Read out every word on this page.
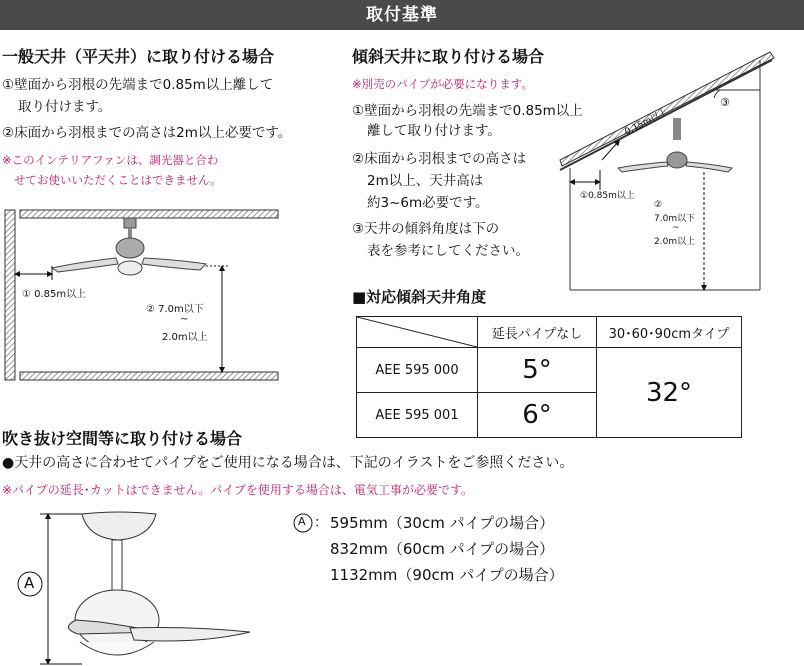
取付基準
一般天井（平天井）に取り付ける場合
①壁面から羽根の先端まで0.85m以上離して
取り付けます。
②床面から羽根までの高さは2m以上必要です。
※このインテリアファンは、調光器と合わ
せてお使いいただくことはできません。
傾斜天井に取り付ける場合
※別売のパイプが必要になります。
①壁面から羽根の先端まで0.85m以上
離して取り付けます。
②床面から羽根までの高さは
2m以上、天井高は
約3~6m必要です。
③天井の傾斜角度は下の
表を参考にしてください。
■対応傾斜天井角度
	延長パイプなし	30･60･90cmタイプ
AEE 595 000	5°	32°
AEE 595 001	6°	
吹き抜け空間等に取り付ける場合
●天井の高さに合わせてパイプをご使用になる場合は、下記のイラストをご参照ください。
※パイプの延長･カットはできません。パイプを使用する場合は、電気工事が必要です。
① 0.85m以上
② 7.0m以下
~
2.0m以上
③
0.15m以上
①0.85m以上
②
7.0m以下
~
2.0m以上
A
A ： 595mm（30cm パイプの場合）
832mm（60cm パイプの場合）
1132mm（90cm パイプの場合）
